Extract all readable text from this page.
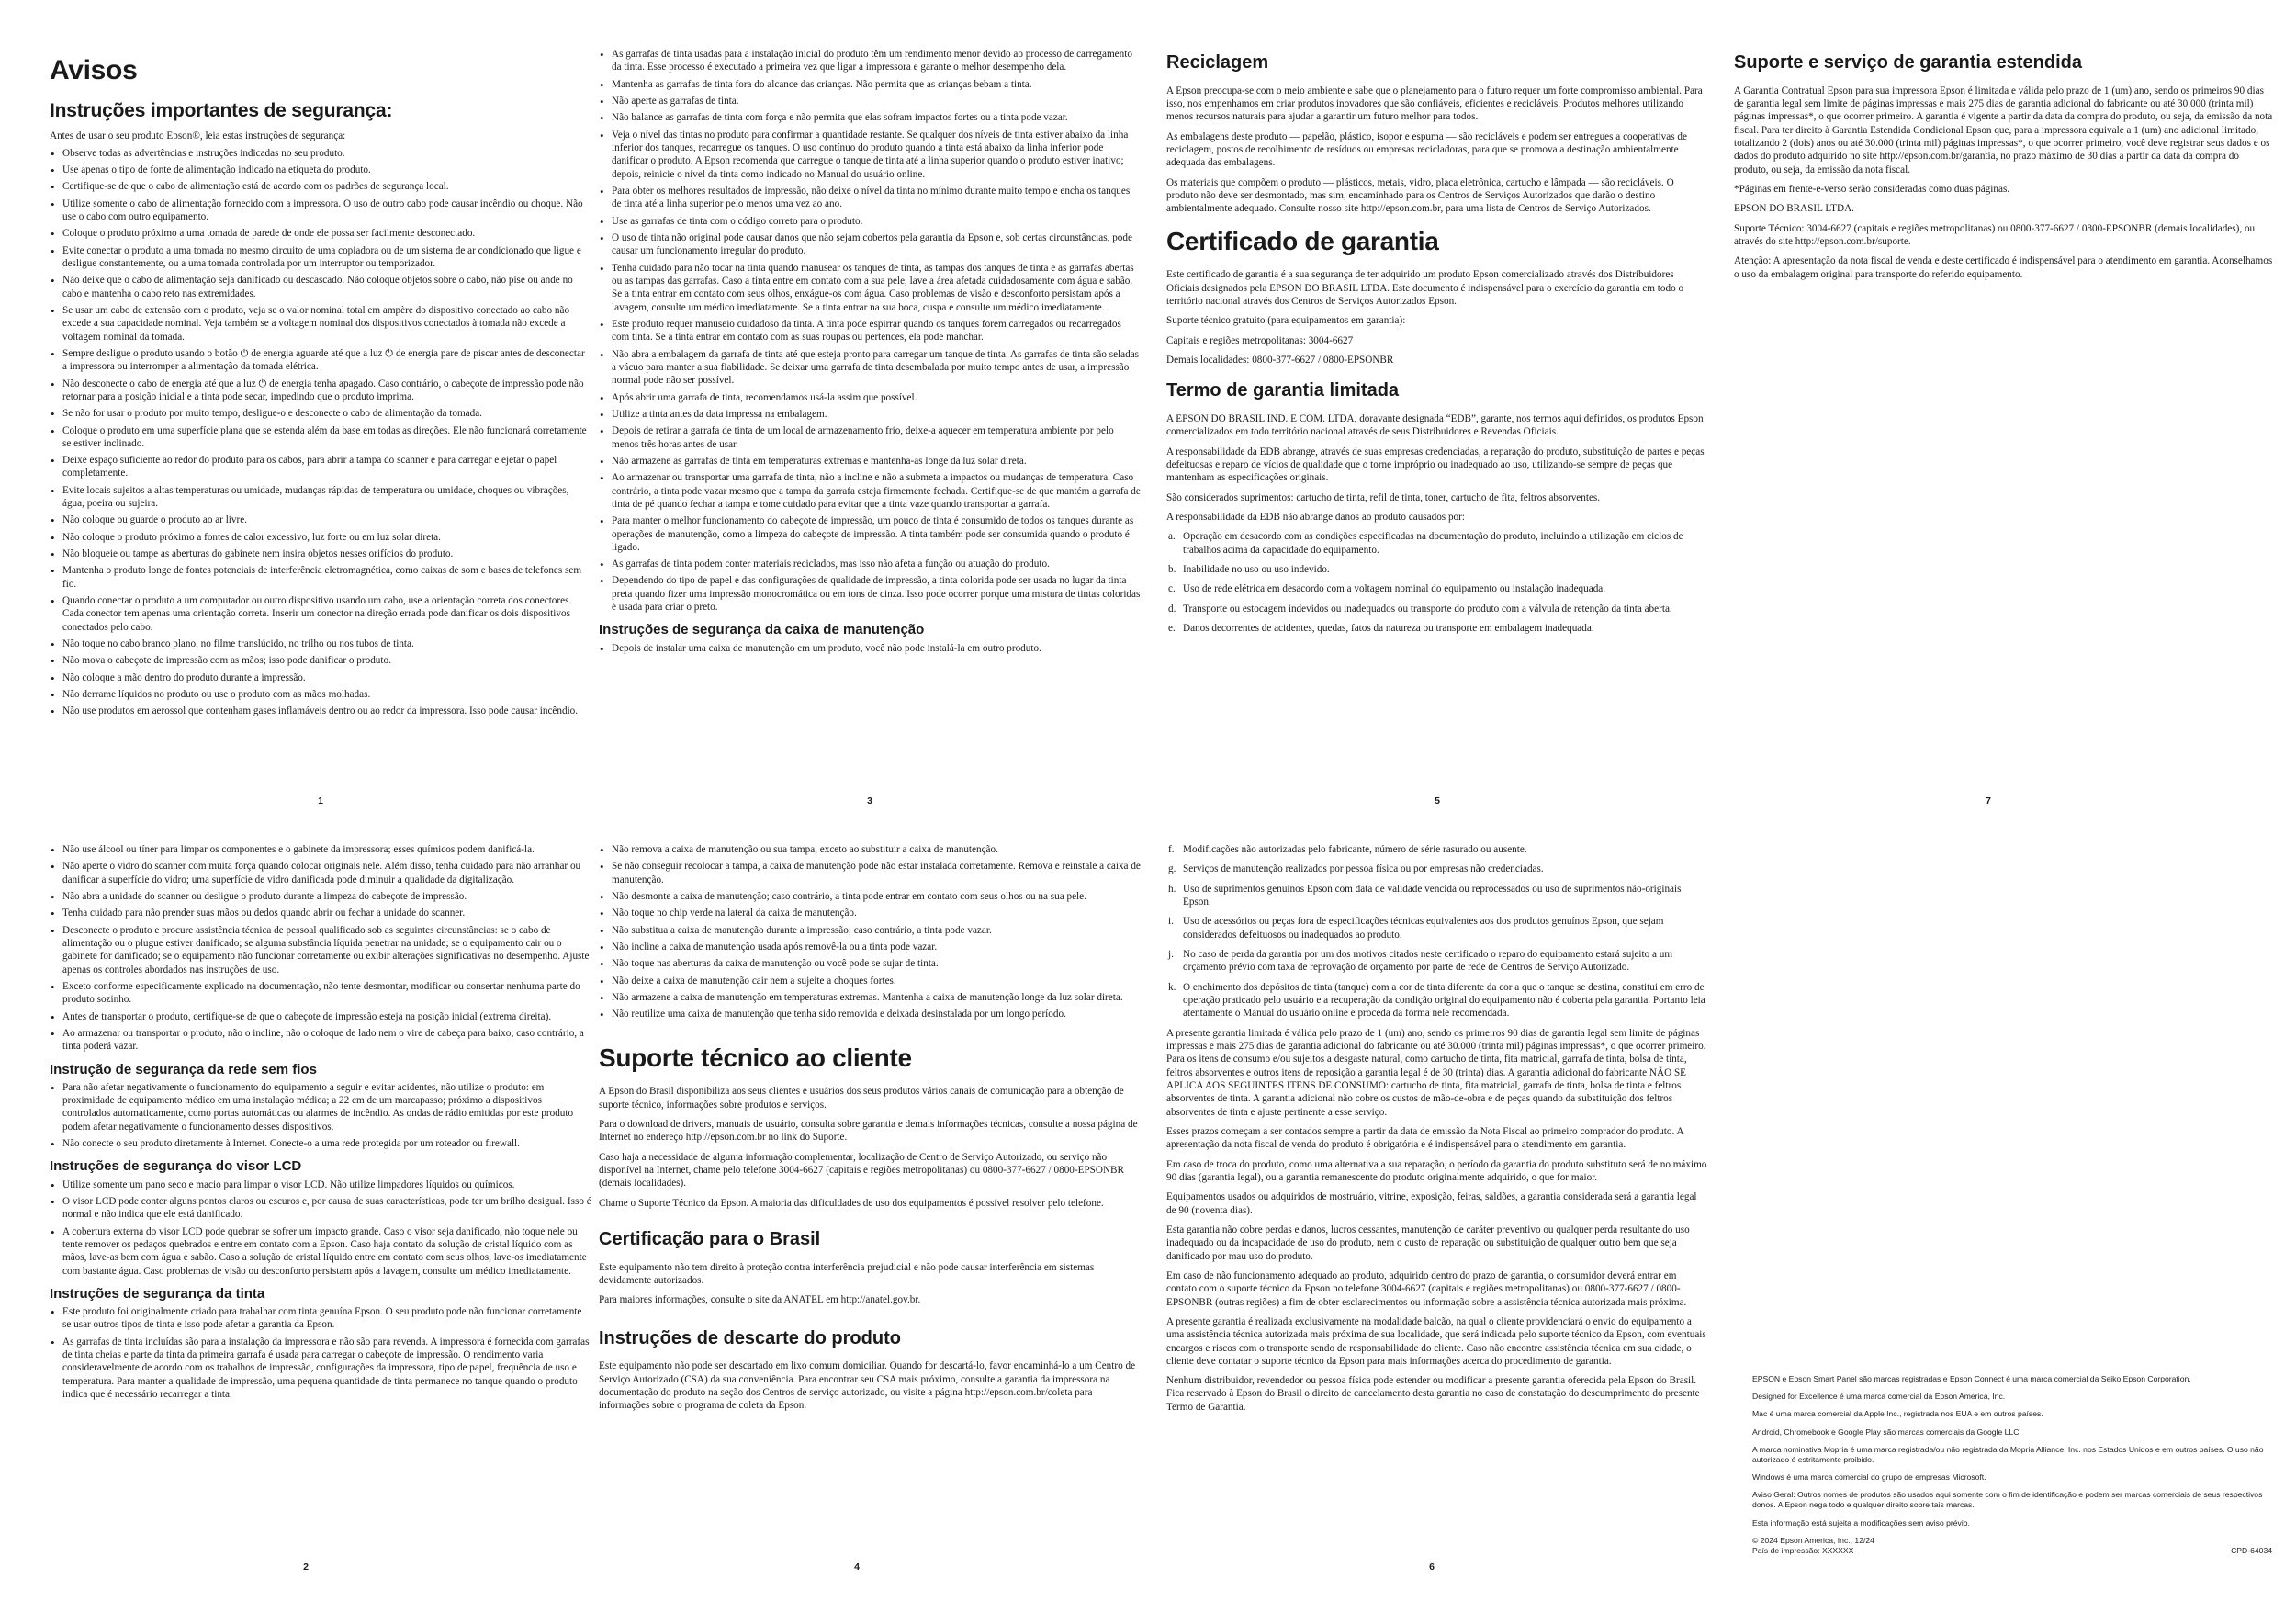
Avisos
Instruções importantes de segurança:

Antes de usar o seu produto Epson®, leia estas instruções de segurança:

• Observe todas as advertências e instruções indicadas no seu produto.
• Use apenas o tipo de fonte de alimentação indicado na etiqueta do produto.
• Certifique-se de que o cabo de alimentação está de acordo com os padrões de segurança local.
• Utilize somente o cabo de alimentação fornecido com a impressora. O uso de outro cabo pode causar incêndio ou choque. Não use o cabo com outro equipamento.
• Coloque o produto próximo a uma tomada de parede de onde ele possa ser facilmente desconectado.
• Evite conectar o produto a uma tomada no mesmo circuito de uma copiadora ou de um sistema de ar condicionado que ligue e desligue constantemente, ou a uma tomada controlada por um interruptor ou temporizador.
• Não deixe que o cabo de alimentação seja danificado ou descascado. Não coloque objetos sobre o cabo, não pise ou ande no cabo e mantenha o cabo reto nas extremidades.
• Se usar um cabo de extensão com o produto, veja se o valor nominal total em ampère do dispositivo conectado ao cabo não excede a sua capacidade nominal. Veja também se a voltagem nominal dos dispositivos conectados à tomada não excede a voltagem nominal da tomada.
• Sempre desligue o produto usando o botão ⏻ de energia aguarde até que a luz ⏻ de energia pare de piscar antes de desconectar a impressora ou interromper a alimentação da tomada elétrica.
• Não desconecte o cabo de energia até que a luz ⏻ de energia tenha apagado. Caso contrário, o cabeçote de impressão pode não retornar para a posição inicial e a tinta pode secar, impedindo que o produto imprima.
• Se não for usar o produto por muito tempo, desligue-o e desconecte o cabo de alimentação da tomada.
• Coloque o produto em uma superfície plana que se estenda além da base em todas as direções. Ele não funcionará corretamente se estiver inclinado.
• Deixe espaço suficiente ao redor do produto para os cabos, para abrir a tampa do scanner e para carregar e ejetar o papel completamente.
• Evite locais sujeitos a altas temperaturas ou umidade, mudanças rápidas de temperatura ou umidade, choques ou vibrações, água, poeira ou sujeira.
• Não coloque ou guarde o produto ao ar livre.
• Não coloque o produto próximo a fontes de calor excessivo, luz forte ou em luz solar direta.
• Não bloqueie ou tampe as aberturas do gabinete nem insira objetos nesses orifícios do produto.
• Mantenha o produto longe de fontes potenciais de interferência eletromagnética, como caixas de som e bases de telefones sem fio.
• Quando conectar o produto a um computador ou outro dispositivo usando um cabo, use a orientação correta dos conectores. Cada conector tem apenas uma orientação correta. Inserir um conector na direção errada pode danificar os dois dispositivos conectados pelo cabo.
• Não toque no cabo branco plano, no filme translúcido, no trilho ou nos tubos de tinta.
• Não mova o cabeçote de impressão com as mãos; isso pode danificar o produto.
• Não coloque a mão dentro do produto durante a impressão.
• Não derrame líquidos no produto ou use o produto com as mãos molhadas.
• Não use produtos em aerossol que contenham gases inflamáveis dentro ou ao redor da impressora. Isso pode causar incêndio.
1
• As garrafas de tinta usadas para a instalação inicial do produto têm um rendimento menor devido ao processo de carregamento da tinta. Esse processo é executado a primeira vez que ligar a impressora e garante o melhor desempenho dela.
• Mantenha as garrafas de tinta fora do alcance das crianças. Não permita que as crianças bebam a tinta.
• Não aperte as garrafas de tinta.
• Não balance as garrafas de tinta com força e não permita que elas sofram impactos fortes ou a tinta pode vazar.
• Veja o nível das tintas no produto para confirmar a quantidade restante. Se qualquer dos níveis de tinta estiver abaixo da linha inferior dos tanques, recarregue os tanques. O uso contínuo do produto quando a tinta está abaixo da linha inferior pode danificar o produto. A Epson recomenda que carregue o tanque de tinta até a linha superior quando o produto estiver inativo; depois, reinicie o nível da tinta como indicado no Manual do usuário online.
• Para obter os melhores resultados de impressão, não deixe o nível da tinta no mínimo durante muito tempo e encha os tanques de tinta até a linha superior pelo menos uma vez ao ano.
• Use as garrafas de tinta com o código correto para o produto.
• O uso de tinta não original pode causar danos que não sejam cobertos pela garantia da Epson e, sob certas circunstâncias, pode causar um funcionamento irregular do produto.
• Tenha cuidado para não tocar na tinta quando manusear os tanques de tinta, as tampas dos tanques de tinta e as garrafas abertas ou as tampas das garrafas. Caso a tinta entre em contato com a sua pele, lave a área afetada cuidadosamente com água e sabão. Se a tinta entrar em contato com seus olhos, enxágue-os com água. Caso problemas de visão e desconforto persistam após a lavagem, consulte um médico imediatamente. Se a tinta entrar na sua boca, cuspa e consulte um médico imediatamente.
• Este produto requer manuseio cuidadoso da tinta. A tinta pode espirrar quando os tanques forem carregados ou recarregados com tinta. Se a tinta entrar em contato com as suas roupas ou pertences, ela pode manchar.
• Não abra a embalagem da garrafa de tinta até que esteja pronto para carregar um tanque de tinta. As garrafas de tinta são seladas a vácuo para manter a sua fiabilidade. Se deixar uma garrafa de tinta desembalada por muito tempo antes de usar, a impressão normal pode não ser possível.
• Após abrir uma garrafa de tinta, recomendamos usá-la assim que possível.
• Utilize a tinta antes da data impressa na embalagem.
• Depois de retirar a garrafa de tinta de um local de armazenamento frio, deixe-a aquecer em temperatura ambiente por pelo menos três horas antes de usar.
• Não armazene as garrafas de tinta em temperaturas extremas e mantenha-as longe da luz solar direta.
• Ao armazenar ou transportar uma garrafa de tinta, não a incline e não a submeta a impactos ou mudanças de temperatura. Caso contrário, a tinta pode vazar mesmo que a tampa da garrafa esteja firmemente fechada. Certifique-se de que mantém a garrafa de tinta de pé quando fechar a tampa e tome cuidado para evitar que a tinta vaze quando transportar a garrafa.
• Para manter o melhor funcionamento do cabeçote de impressão, um pouco de tinta é consumido de todos os tanques durante as operações de manutenção, como a limpeza do cabeçote de impressão. A tinta também pode ser consumida quando o produto é ligado.
• As garrafas de tinta podem conter materiais reciclados, mas isso não afeta a função ou atuação do produto.
• Dependendo do tipo de papel e das configurações de qualidade de impressão, a tinta colorida pode ser usada no lugar da tinta preta quando fizer uma impressão monocromática ou em tons de cinza. Isso pode ocorrer porque uma mistura de tintas coloridas é usada para criar o preto.
Instruções de segurança da caixa de manutenção
• Depois de instalar uma caixa de manutenção em um produto, você não pode instalá-la em outro produto.
3
Reciclagem

A Epson preocupa-se com o meio ambiente e sabe que o planejamento para o futuro requer um forte compromisso ambiental. Para isso, nos empenhamos em criar produtos inovadores que são confiáveis, eficientes e recicláveis. Produtos melhores utilizando menos recursos naturais para ajudar a garantir um futuro melhor para todos.

As embalagens deste produto — papelão, plástico, isopor e espuma — são recicláveis e podem ser entregues a cooperativas de reciclagem, postos de recolhimento de resíduos ou empresas recicladoras, para que se promova a destinação ambientalmente adequada das embalagens.

Os materiais que compõem o produto — plásticos, metais, vidro, placa eletrônica, cartucho e lâmpada — são recicláveis. O produto não deve ser desmontado, mas sim, encaminhado para os Centros de Serviços Autorizados que darão o destino ambientalmente adequado. Consulte nosso site http://epson.com.br, para uma lista de Centros de Serviço Autorizados.

Certificado de garantia

Este certificado de garantia é a sua segurança de ter adquirido um produto Epson comercializado através dos Distribuidores Oficiais designados pela EPSON DO BRASIL LTDA. Este documento é indispensável para o exercício da garantia em todo o território nacional através dos Centros de Serviços Autorizados Epson.

Suporte técnico gratuito (para equipamentos em garantia):

Capitais e regiões metropolitanas: 3004-6627

Demais localidades: 0800-377-6627 / 0800-EPSONBR

Termo de garantia limitada

A EPSON DO BRASIL IND. E COM. LTDA, doravante designada “EDB”, garante, nos termos aqui definidos, os produtos Epson comercializados em todo território nacional através de seus Distribuidores e Revendas Oficiais.

A responsabilidade da EDB abrange, através de suas empresas credenciadas, a reparação do produto, substituição de partes e peças defeituosas e reparo de vícios de qualidade que o torne impróprio ou inadequado ao uso, utilizando-se sempre de peças que mantenham as especificações originais.

São considerados suprimentos: cartucho de tinta, refil de tinta, toner, cartucho de fita, feltros absorventes.

A responsabilidade da EDB não abrange danos ao produto causados por:

a. Operação em desacordo com as condições especificadas na documentação do produto, incluindo a utilização em ciclos de trabalhos acima da capacidade do equipamento.
b. Inabilidade no uso ou uso indevido.
c. Uso de rede elétrica em desacordo com a voltagem nominal do equipamento ou instalação inadequada.
d. Transporte ou estocagem indevidos ou inadequados ou transporte do produto com a válvula de retenção da tinta aberta.
e. Danos decorrentes de acidentes, quedas, fatos da natureza ou transporte em embalagem inadequada.
5
Suporte e serviço de garantia estendida

A Garantia Contratual Epson para sua impressora Epson é limitada e válida pelo prazo de 1 (um) ano, sendo os primeiros 90 dias de garantia legal sem limite de páginas impressas e mais 275 dias de garantia adicional do fabricante ou até 30.000 (trinta mil) páginas impressas*, o que ocorrer primeiro. A garantia é vigente a partir da data da compra do produto, ou seja, da emissão da nota fiscal. Para ter direito à Garantia Estendida Condicional Epson que, para a impressora equivale a 1 (um) ano adicional limitado, totalizando 2 (dois) anos ou até 30.000 (trinta mil) páginas impressas*, o que ocorrer primeiro, você deve registrar seus dados e os dados do produto adquirido no site http://epson.com.br/garantia, no prazo máximo de 30 dias a partir da data da compra do produto, ou seja, da emissão da nota fiscal.

*Páginas em frente-e-verso serão consideradas como duas páginas.

EPSON DO BRASIL LTDA.

Suporte Técnico: 3004-6627 (capitais e regiões metropolitanas) ou 0800-377-6627 / 0800-EPSONBR (demais localidades), ou através do site http://epson.com.br/suporte.

Atenção: A apresentação da nota fiscal de venda e deste certificado é indispensável para o atendimento em garantia. Aconselhamos o uso da embalagem original para transporte do referido equipamento.

7
• Não use álcool ou tíner para limpar os componentes e o gabinete da impressora; esses químicos podem danificá-la.
• Não aperte o vidro do scanner com muita força quando colocar originais nele. Além disso, tenha cuidado para não arranhar ou danificar a superfície do vidro; uma superfície de vidro danificada pode diminuir a qualidade da digitalização.
• Não abra a unidade do scanner ou desligue o produto durante a limpeza do cabeçote de impressão.
• Tenha cuidado para não prender suas mãos ou dedos quando abrir ou fechar a unidade do scanner.
• Desconecte o produto e procure assistência técnica de pessoal qualificado sob as seguintes circunstâncias: se o cabo de alimentação ou o plugue estiver danificado; se alguma substância líquida penetrar na unidade; se o equipamento cair ou o gabinete for danificado; se o equipamento não funcionar corretamente ou exibir alterações significativas no desempenho. Ajuste apenas os controles abordados nas instruções de uso.
• Exceto conforme especificamente explicado na documentação, não tente desmontar, modificar ou consertar nenhuma parte do produto sozinho.
• Antes de transportar o produto, certifique-se de que o cabeçote de impressão esteja na posição inicial (extrema direita).
• Ao armazenar ou transportar o produto, não o incline, não o coloque de lado nem o vire de cabeça para baixo; caso contrário, a tinta poderá vazar.
Instrução de segurança da rede sem fios
• Para não afetar negativamente o funcionamento do equipamento a seguir e evitar acidentes, não utilize o produto: em proximidade de equipamento médico em uma instalação médica; a 22 cm de um marcapasso; próximo a dispositivos controlados automaticamente, como portas automáticas ou alarmes de incêndio. As ondas de rádio emitidas por este produto podem afetar negativamente o funcionamento desses dispositivos.
• Não conecte o seu produto diretamente à Internet. Conecte-o a uma rede protegida por um roteador ou firewall.
Instruções de segurança do visor LCD
• Utilize somente um pano seco e macio para limpar o visor LCD. Não utilize limpadores líquidos ou químicos.
• O visor LCD pode conter alguns pontos claros ou escuros e, por causa de suas características, pode ter um brilho desigual. Isso é normal e não indica que ele está danificado.
• A cobertura externa do visor LCD pode quebrar se sofrer um impacto grande. Caso o visor seja danificado, não toque nele ou tente remover os pedaços quebrados e entre em contato com a Epson. Caso haja contato da solução de cristal líquido com as mãos, lave-as bem com água e sabão. Caso a solução de cristal líquido entre em contato com seus olhos, lave-os imediatamente com bastante água. Caso problemas de visão ou desconforto persistam após a lavagem, consulte um médico imediatamente.
Instruções de segurança da tinta
• Este produto foi originalmente criado para trabalhar com tinta genuína Epson. O seu produto pode não funcionar corretamente se usar outros tipos de tinta e isso pode afetar a garantia da Epson.
• As garrafas de tinta incluídas são para a instalação da impressora e não são para revenda. A impressora é fornecida com garrafas de tinta cheias e parte da tinta da primeira garrafa é usada para carregar o cabeçote de impressão. O rendimento varia consideravelmente de acordo com os trabalhos de impressão, configurações da impressora, tipo de papel, frequência de uso e temperatura. Para manter a qualidade de impressão, uma pequena quantidade de tinta permanece no tanque quando o produto indica que é necessário recarregar a tinta.
2
• Não remova a caixa de manutenção ou sua tampa, exceto ao substituir a caixa de manutenção.
• Se não conseguir recolocar a tampa, a caixa de manutenção pode não estar instalada corretamente. Remova e reinstale a caixa de manutenção.
• Não desmonte a caixa de manutenção; caso contrário, a tinta pode entrar em contato com seus olhos ou na sua pele.
• Não toque no chip verde na lateral da caixa de manutenção.
• Não substitua a caixa de manutenção durante a impressão; caso contrário, a tinta pode vazar.
• Não incline a caixa de manutenção usada após removê-la ou a tinta pode vazar.
• Não toque nas aberturas da caixa de manutenção ou você pode se sujar de tinta.
• Não deixe a caixa de manutenção cair nem a sujeite a choques fortes.
• Não armazene a caixa de manutenção em temperaturas extremas. Mantenha a caixa de manutenção longe da luz solar direta.
• Não reutilize uma caixa de manutenção que tenha sido removida e deixada desinstalada por um longo período.
Suporte técnico ao cliente

A Epson do Brasil disponibiliza aos seus clientes e usuários dos seus produtos vários canais de comunicação para a obtenção de suporte técnico, informações sobre produtos e serviços.

Para o download de drivers, manuais de usuário, consulta sobre garantia e demais informações técnicas, consulte a nossa página de Internet no endereço http://epson.com.br no link do Suporte.

Caso haja a necessidade de alguma informação complementar, localização de Centro de Serviço Autorizado, ou serviço não disponível na Internet, chame pelo telefone 3004-6627 (capitais e regiões metropolitanas) ou 0800-377-6627 / 0800-EPSONBR (demais localidades).

Chame o Suporte Técnico da Epson. A maioria das dificuldades de uso dos equipamentos é possível resolver pelo telefone.

Certificação para o Brasil

Este equipamento não tem direito à proteção contra interferência prejudicial e não pode causar interferência em sistemas devidamente autorizados.

Para maiores informações, consulte o site da ANATEL em http://anatel.gov.br.

Instruções de descarte do produto

Este equipamento não pode ser descartado em lixo comum domiciliar. Quando for descartá-lo, favor encaminhá-lo a um Centro de Serviço Autorizado (CSA) da sua conveniência. Para encontrar seu CSA mais próximo, consulte a garantia da impressora na documentação do produto na seção dos Centros de serviço autorizado, ou visite a página http://epson.com.br/coleta para informações sobre o programa de coleta da Epson.

4
f. Modificações não autorizadas pelo fabricante, número de série rasurado ou ausente.
g. Serviços de manutenção realizados por pessoa física ou por empresas não credenciadas.
h. Uso de suprimentos genuínos Epson com data de validade vencida ou reprocessados ou uso de suprimentos não-originais Epson.
i. Uso de acessórios ou peças fora de especificações técnicas equivalentes aos dos produtos genuínos Epson, que sejam considerados defeituosos ou inadequados ao produto.
j. No caso de perda da garantia por um dos motivos citados neste certificado o reparo do equipamento estará sujeito a um orçamento prévio com taxa de reprovação de orçamento por parte de rede de Centros de Serviço Autorizado.
k. O enchimento dos depósitos de tinta (tanque) com a cor de tinta diferente da cor a que o tanque se destina, constitui em erro de operação praticado pelo usuário e a recuperação da condição original do equipamento não é coberta pela garantia. Portanto leia atentamente o Manual do usuário online e proceda da forma nele recomendada.

A presente garantia limitada é válida pelo prazo de 1 (um) ano, sendo os primeiros 90 dias de garantia legal sem limite de páginas impressas e mais 275 dias de garantia adicional do fabricante ou até 30.000 (trinta mil) páginas impressas*, o que ocorrer primeiro. Para os itens de consumo e/ou sujeitos a desgaste natural, como cartucho de tinta, fita matricial, garrafa de tinta, bolsa de tinta, feltros absorventes e outros itens de reposição a garantia legal é de 30 (trinta) dias. A garantia adicional do fabricante NÃO SE APLICA AOS SEGUINTES ITENS DE CONSUMO: cartucho de tinta, fita matricial, garrafa de tinta, bolsa de tinta e feltros absorventes de tinta. A garantia adicional não cobre os custos de mão-de-obra e de peças quando da substituição dos feltros absorventes de tinta e ajuste pertinente a esse serviço.

Esses prazos começam a ser contados sempre a partir da data de emissão da Nota Fiscal ao primeiro comprador do produto. A apresentação da nota fiscal de venda do produto é obrigatória e é indispensável para o atendimento em garantia.

Em caso de troca do produto, como uma alternativa a sua reparação, o período da garantia do produto substituto será de no máximo 90 dias (garantia legal), ou a garantia remanescente do produto originalmente adquirido, o que for maior.

Equipamentos usados ou adquiridos de mostruário, vitrine, exposição, feiras, saldões, a garantia considerada será a garantia legal de 90 (noventa dias).

Esta garantia não cobre perdas e danos, lucros cessantes, manutenção de caráter preventivo ou qualquer perda resultante do uso inadequado ou da incapacidade de uso do produto, nem o custo de reparação ou substituição de qualquer outro bem que seja danificado por mau uso do produto.

Em caso de não funcionamento adequado ao produto, adquirido dentro do prazo de garantia, o consumidor deverá entrar em contato com o suporte técnico da Epson no telefone 3004-6627 (capitais e regiões metropolitanas) ou 0800-377-6627 / 0800-EPSONBR (outras regiões) a fim de obter esclarecimentos ou informação sobre a assistência técnica autorizada mais próxima.

A presente garantia é realizada exclusivamente na modalidade balcão, na qual o cliente providenciará o envio do equipamento a uma assistência técnica autorizada mais próxima de sua localidade, que será indicada pelo suporte técnico da Epson, com eventuais encargos e riscos com o transporte sendo de responsabilidade do cliente. Caso não encontre assistência técnica em sua cidade, o cliente deve contatar o suporte técnico da Epson para mais informações acerca do procedimento de garantia.

Nenhum distribuidor, revendedor ou pessoa física pode estender ou modificar a presente garantia oferecida pela Epson do Brasil. Fica reservado à Epson do Brasil o direito de cancelamento desta garantia no caso de constatação do descumprimento do presente Termo de Garantia.

6
EPSON e Epson Smart Panel são marcas registradas e Epson Connect é uma marca comercial da Seiko Epson Corporation.
Designed for Excellence é uma marca comercial da Epson America, Inc.
Mac é uma marca comercial da Apple Inc., registrada nos EUA e em outros países.
Android, Chromebook e Google Play são marcas comerciais da Google LLC.
A marca nominativa Mopria é uma marca registrada/ou não registrada da Mopria Alliance, Inc. nos Estados Unidos e em outros países. O uso não autorizado é estritamente proibido.
Windows é uma marca comercial do grupo de empresas Microsoft.
Aviso Geral: Outros nomes de produtos são usados aqui somente com o fim de identificação e podem ser marcas comerciais de seus respectivos donos. A Epson nega todo e qualquer direito sobre tais marcas.
Esta informação está sujeita a modificações sem aviso prévio.
© 2024 Epson America, Inc., 12/24
País de impressão: XXXXXX	CPD-64034
